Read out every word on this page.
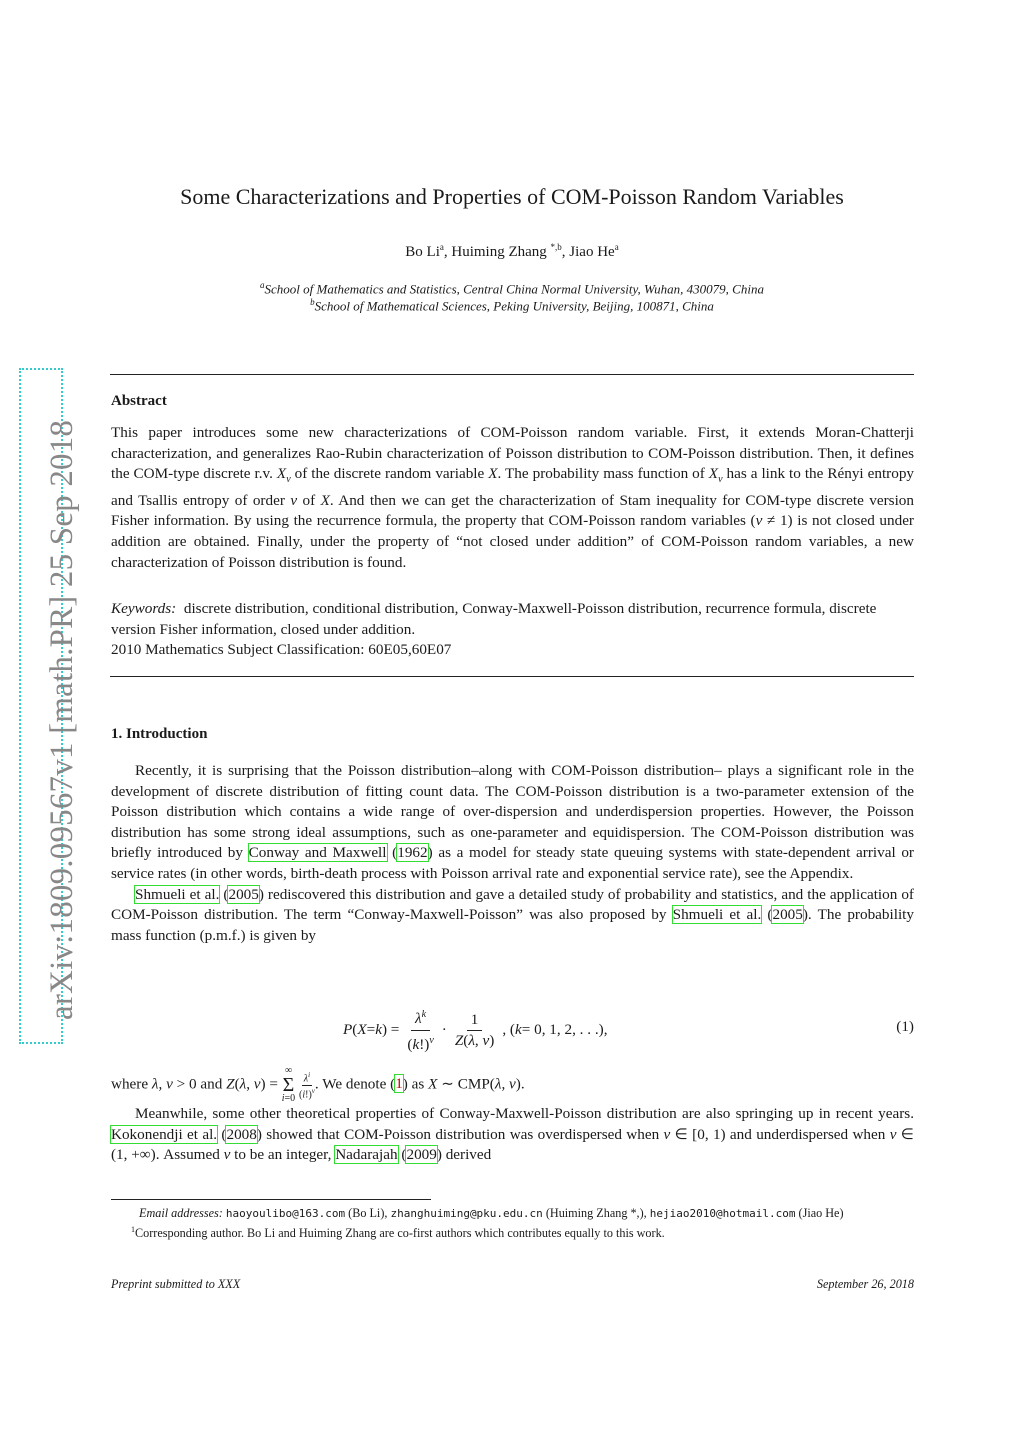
arXiv:1809.09567v1 [math.PR] 25 Sep 2018
Some Characterizations and Properties of COM-Poisson Random Variables
Bo Li$^a$, Huiming Zhang $^{*,b}$, Jiao He$^a$
$^a$School of Mathematics and Statistics, Central China Normal University, Wuhan, 430079, China
$^b$School of Mathematical Sciences, Peking University, Beijing, 100871, China
Abstract
This paper introduces some new characterizations of COM-Poisson random variable. First, it extends Moran-Chatterji characterization, and generalizes Rao-Rubin characterization of Poisson distribution to COM-Poisson distribution. Then, it defines the COM-type discrete r.v. $X_\nu$ of the discrete random variable X. The probability mass function of $X_\nu$ has a link to the Rényi entropy and Tsallis entropy of order ν of X. And then we can get the characterization of Stam inequality for COM-type discrete version Fisher information. By using the recurrence formula, the property that COM-Poisson random variables (ν ≠ 1) is not closed under addition are obtained. Finally, under the property of “not closed under addition” of COM-Poisson random variables, a new characterization of Poisson distribution is found.
Keywords: discrete distribution, conditional distribution, Conway-Maxwell-Poisson distribution, recurrence formula, discrete version Fisher information, closed under addition.
2010 Mathematics Subject Classification: 60E05,60E07
1. Introduction

Recently, it is surprising that the Poisson distribution–along with COM-Poisson distribution– plays a significant role in the development of discrete distribution of fitting count data. The COM-Poisson distribution is a two-parameter extension of the Poisson distribution which contains a wide range of over-dispersion and underdispersion properties. However, the Poisson distribution has some strong ideal assumptions, such as one-parameter and equidispersion. The COM-Poisson distribution was briefly introduced by Conway and Maxwell (1962) as a model for steady state queuing systems with state-dependent arrival or service rates (in other words, birth-death process with Poisson arrival rate and exponential service rate), see the Appendix.

Shmueli et al. (2005) rediscovered this distribution and gave a detailed study of probability and statistics, and the application of COM-Poisson distribution. The term “Conway-Maxwell-Poisson” was also proposed by Shmueli et al. (2005). The probability mass function (p.m.f.) is given by

P ( X = k ) = $\frac{\lambda^k}{(k!)^\nu} \cdot \frac{1}{Z(\lambda, \nu)}$ , ( k = 0, 1, 2, . . .),	(1)
where λ, ν > 0 and Z(λ, ν) =
∞
Σ
i=0
$\frac{\lambda^i}{(i!)^\nu}$ . We denote (1) as X ∼ CMP(λ, ν).

Meanwhile, some other theoretical properties of Conway-Maxwell-Poisson distribution are also springing up in recent years. Kokonendji et al. (2008) showed that COM-Poisson distribution was overdispersed when ν ∈ [0, 1) and underdispersed when ν ∈ (1, +∞). Assumed ν to be an integer, Nadarajah (2009) derived

Email addresses: haoyoulibo@163.com (Bo Li), zhanghuiming@pku.edu.cn (Huiming Zhang *,), hejiao2010@hotmail.com (Jiao He)

$^1$Corresponding author. Bo Li and Huiming Zhang are co-first authors which contributes equally to this work.

Preprint submitted to XXX	September 26, 2018
